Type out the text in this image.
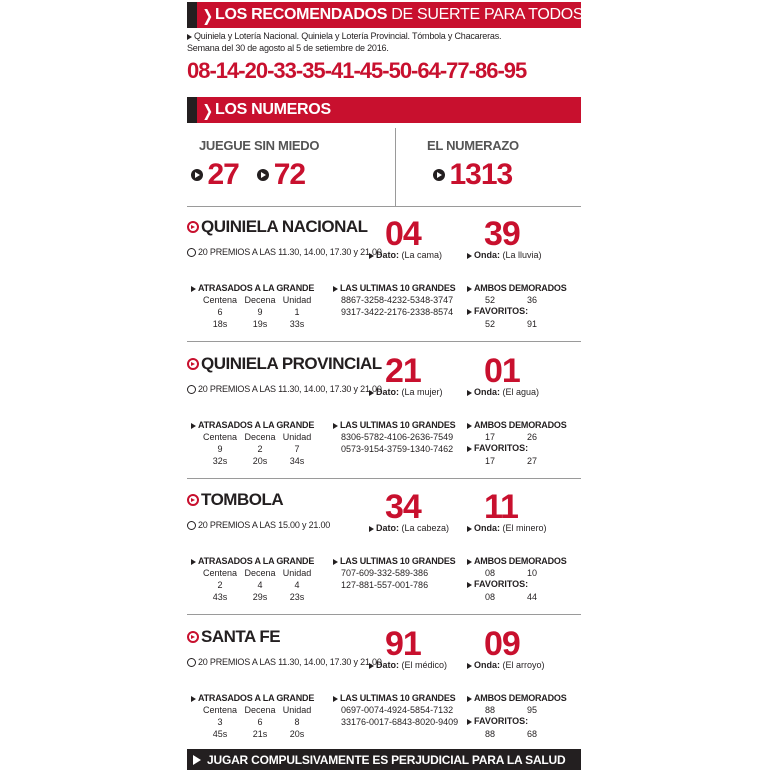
❯ LOS RECOMENDADOS DE SUERTE PARA TODOS
Quiniela y Lotería Nacional. Quiniela y Lotería Provincial. Tómbola y Chacareras.
Semana del 30 de agosto al 5 de setiembre de 2016.
08-14-20-33-35-41-45-50-64-77-86-95
❯ LOS NUMEROS
JUEGUE SIN MIEDO
27 72
EL NUMERAZO
1313
QUINIELA NACIONAL
20 PREMIOS A LAS 11.30, 14.00, 17.30 y 21.00 04
Dato: (La cama)
39
Onda: (La lluvia)
ATRASADOS A LA GRANDE
Centena Decena Unidad
6	9	1
18s	19s	33s
LAS ULTIMAS 10 GRANDES
8867-3258-4232-5348-3747
9317-3422-2176-2338-8574
AMBOS DEMORADOS
52	36
FAVORITOS:
52	91
QUINIELA PROVINCIAL
20 PREMIOS A LAS 11.30, 14.00, 17.30 y 21.00 21
Dato: (La mujer)
01
Onda: (El agua)
ATRASADOS A LA GRANDE
Centena Decena Unidad
9	2	7
32s	20s	34s
LAS ULTIMAS 10 GRANDES
8306-5782-4106-2636-7549
0573-9154-3759-1340-7462
AMBOS DEMORADOS
17	26
FAVORITOS:
17	27
TOMBOLA
20 PREMIOS A LAS 15.00 y 21.00 34
Dato: (La cabeza)
11
Onda: (El minero)
ATRASADOS A LA GRANDE
Centena Decena Unidad
2	4	4
43s	29s	23s
LAS ULTIMAS 10 GRANDES
707-609-332-589-386
127-881-557-001-786
AMBOS DEMORADOS
08	10
FAVORITOS:
08	44
SANTA FE
20 PREMIOS A LAS 11.30, 14.00, 17.30 y 21.00 91
Dato: (El médico)
09
Onda: (El arroyo)
ATRASADOS A LA GRANDE
Centena Decena Unidad
3	6	8
45s	21s	20s
LAS ULTIMAS 10 GRANDES
0697-0074-4924-5854-7132
33176-0017-6843-8020-9409
AMBOS DEMORADOS
88	95
FAVORITOS:
88	68
JUGAR COMPULSIVAMENTE ES PERJUDICIAL PARA LA SALUD
